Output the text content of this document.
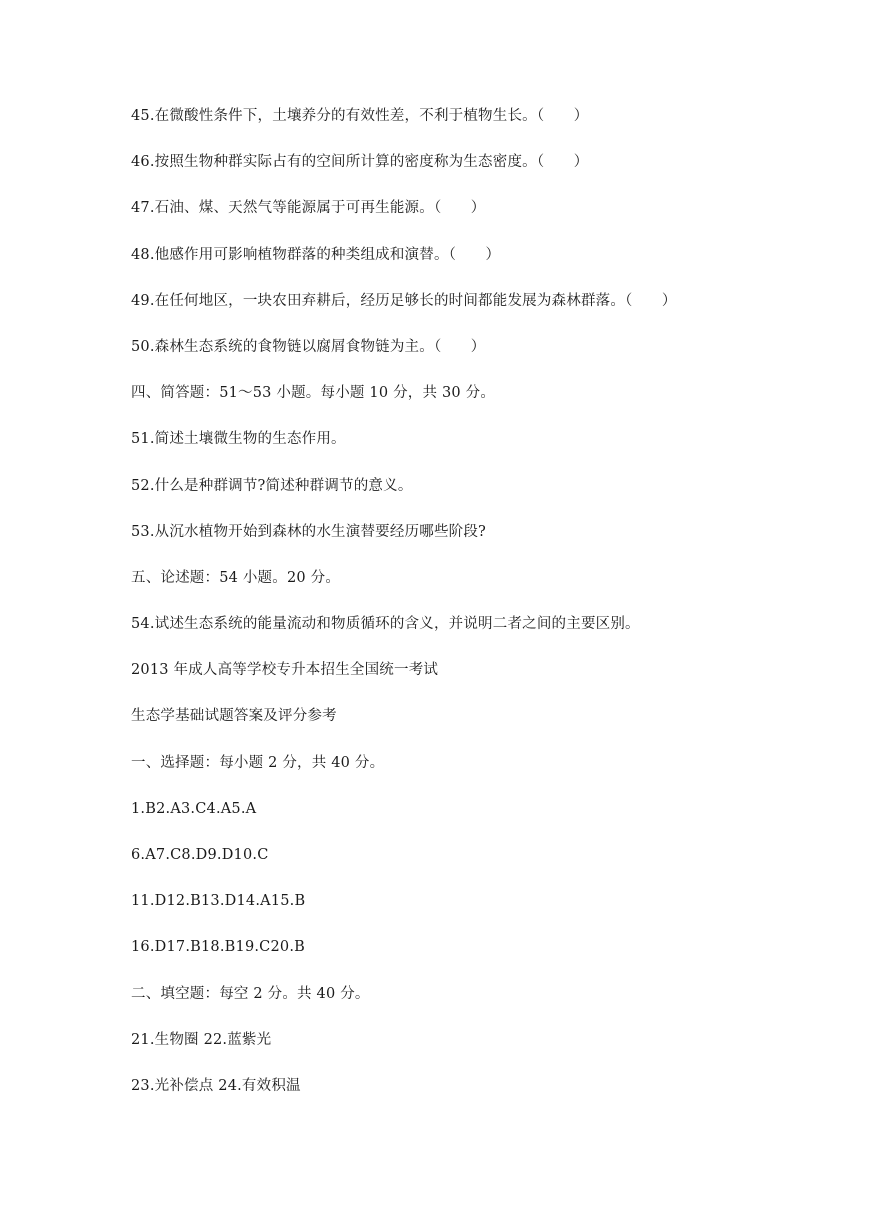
45.在微酸性条件下，土壤养分的有效性差，不利于植物生长。（　　）
46.按照生物种群实际占有的空间所计算的密度称为生态密度。（　　）
47.石油、煤、天然气等能源属于可再生能源。（　　）
48.他感作用可影响植物群落的种类组成和演替。（　　）
49.在任何地区，一块农田弃耕后，经历足够长的时间都能发展为森林群落。（　　）
50.森林生态系统的食物链以腐屑食物链为主。（　　）
四、简答题：51～53 小题。每小题 10 分，共 30 分。
51.简述土壤微生物的生态作用。
52.什么是种群调节?简述种群调节的意义。
53.从沉水植物开始到森林的水生演替要经历哪些阶段?
五、论述题：54 小题。20 分。
54.试述生态系统的能量流动和物质循环的含义，并说明二者之间的主要区别。
2013 年成人高等学校专升本招生全国统一考试
生态学基础试题答案及评分参考
一、选择题：每小题 2 分，共 40 分。
1.B2.A3.C4.A5.A
6.A7.C8.D9.D10.C
11.D12.B13.D14.A15.B
16.D17.B18.B19.C20.B
二、填空题：每空 2 分。共 40 分。
21.生物圈 22.蓝紫光
23.光补偿点 24.有效积温
